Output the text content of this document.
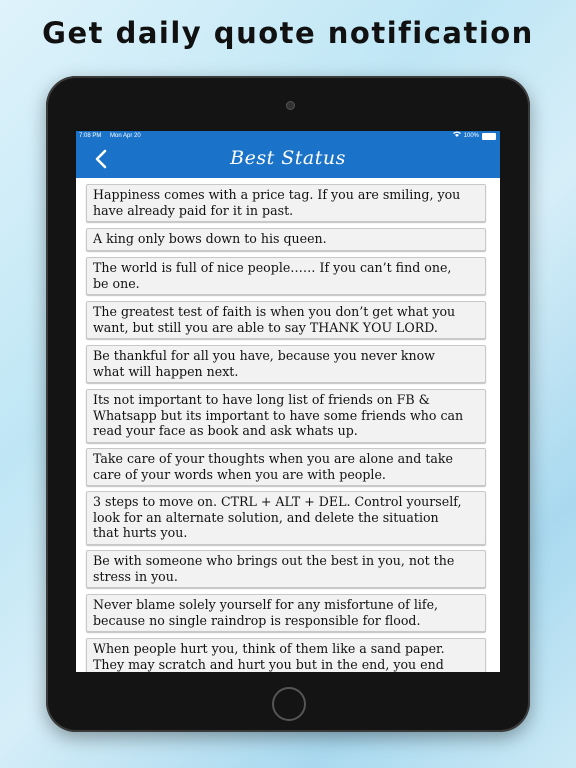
Get daily quote notification
7:08 PM Mon Apr 20	100%
Best Status
Happiness comes with a price tag. If you are smiling, you
have already paid for it in past.
A king only bows down to his queen.
The world is full of nice people…… If you can’t find one,
be one.
The greatest test of faith is when you don’t get what you
want, but still you are able to say THANK YOU LORD.
Be thankful for all you have, because you never know
what will happen next.
Its not important to have long list of friends on FB &
Whatsapp but its important to have some friends who can
read your face as book and ask whats up.
Take care of your thoughts when you are alone and take
care of your words when you are with people.
3 steps to move on. CTRL + ALT + DEL. Control yourself,
look for an alternate solution, and delete the situation
that hurts you.
Be with someone who brings out the best in you, not the
stress in you.
Never blame solely yourself for any misfortune of life,
because no single raindrop is responsible for flood.
When people hurt you, think of them like a sand paper.
They may scratch and hurt you but in the end, you end
